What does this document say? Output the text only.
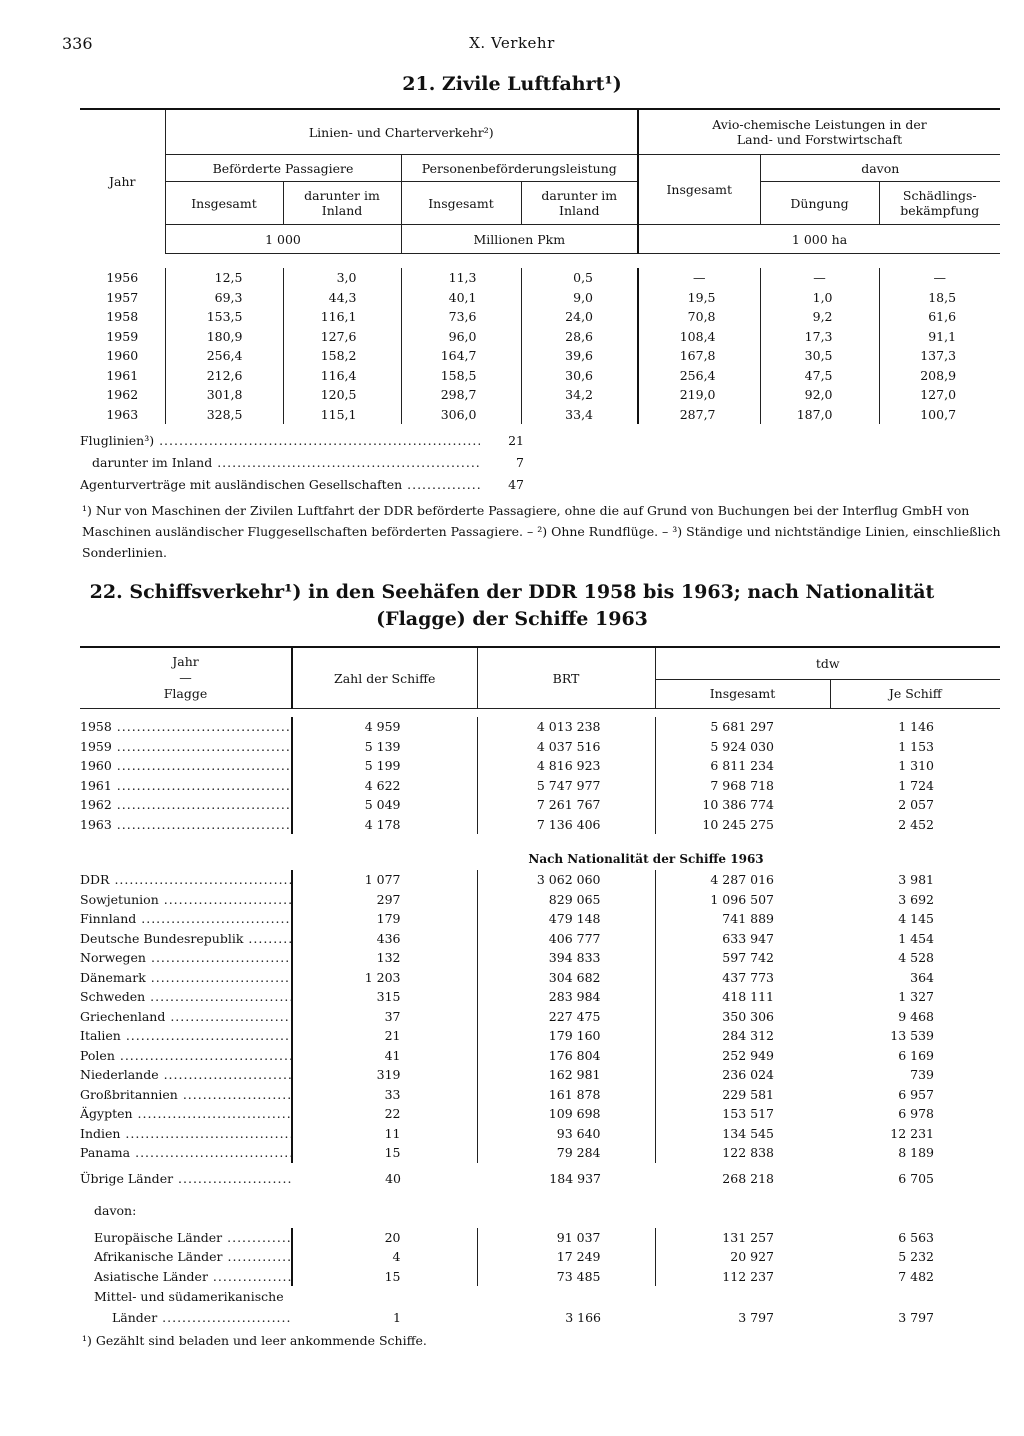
336	X. Verkehr
21. Zivile Luftfahrt¹)
Jahr	Linien- und Charterverkehr²)				Avio-chemische Leistungen in der Land- und Forstwirtschaft		
	Beförderte Passagiere		Personenbeförderungsleistung		Insgesamt	davon	
	Insgesamt	darunter im Inland	Insgesamt	darunter im Inland		Düngung	Schädlings- bekämpfung
	1 000		Millionen Pkm		1 000 ha		

1956	12,5	3,0	11,3	0,5	—	—	—
1957	69,3	44,3	40,1	9,0	19,5	1,0	18,5
1958	153,5	116,1	73,6	24,0	70,8	9,2	61,6
1959	180,9	127,6	96,0	28,6	108,4	17,3	91,1
1960	256,4	158,2	164,7	39,6	167,8	30,5	137,3
1961	212,6	116,4	158,5	30,6	256,4	47,5	208,9
1962	301,8	120,5	298,7	34,2	219,0	92,0	127,0
1963	328,5	115,1	306,0	33,4	287,7	187,0	100,7
Fluglinien³) .....	21

darunter im Inland .....	7

Agenturverträge mit ausländischen Gesellschaften .....	47
¹) Nur von Maschinen der Zivilen Luftfahrt der DDR beförderte Passagiere, ohne die auf Grund von Buchungen bei der Interflug GmbH von Maschinen ausländischer Fluggesellschaften beförderten Passagiere. – ²) Ohne Rundflüge. – ³) Ständige und nichtständige Linien, einschließlich Sonderlinien.
22. Schiffsverkehr¹) in den Seehäfen der DDR 1958 bis 1963; nach Nationalität
(Flagge) der Schiffe 1963
Jahr
—
Flagge	Zahl der Schiffe	BRT	tdw	
			Insgesamt	Je Schiff

1958 .....	4 959	4 013 238	5 681 297	1 146

1959 .....	5 139	4 037 516	5 924 030	1 153

1960 .....	5 199	4 816 923	6 811 234	1 310

1961 .....	4 622	5 747 977	7 968 718	1 724

1962 .....	5 049	7 261 767	10 386 774	2 057

1963 .....	4 178	7 136 406	10 245 275	2 452

	Nach Nationalität der Schiffe 1963			

DDR .....	1 077	3 062 060	4 287 016	3 981

Sowjetunion .....	297	829 065	1 096 507	3 692

Finnland .....	179	479 148	741 889	4 145

Deutsche Bundesrepublik .....	436	406 777	633 947	1 454

Norwegen .....	132	394 833	597 742	4 528

Dänemark .....	1 203	304 682	437 773	364

Schweden .....	315	283 984	418 111	1 327

Griechenland .....	37	227 475	350 306	9 468

Italien .....	21	179 160	284 312	13 539

Polen .....	41	176 804	252 949	6 169

Niederlande .....	319	162 981	236 024	739

Großbritannien .....	33	161 878	229 581	6 957

Ägypten .....	22	109 698	153 517	6 978

Indien .....	11	93 640	134 545	12 231

Panama .....	15	79 284	122 838	8 189

Übrige Länder .....	40	184 937	268 218	6 705

davon:				

Europäische Länder .....	20	91 037	131 257	6 563

Afrikanische Länder .....	4	17 249	20 927	5 232

Asiatische Länder .....	15	73 485	112 237	7 482
Mittel- und südamerikanische				

Länder .....	1	3 166	3 797	3 797
¹) Gezählt sind beladen und leer ankommende Schiffe.
